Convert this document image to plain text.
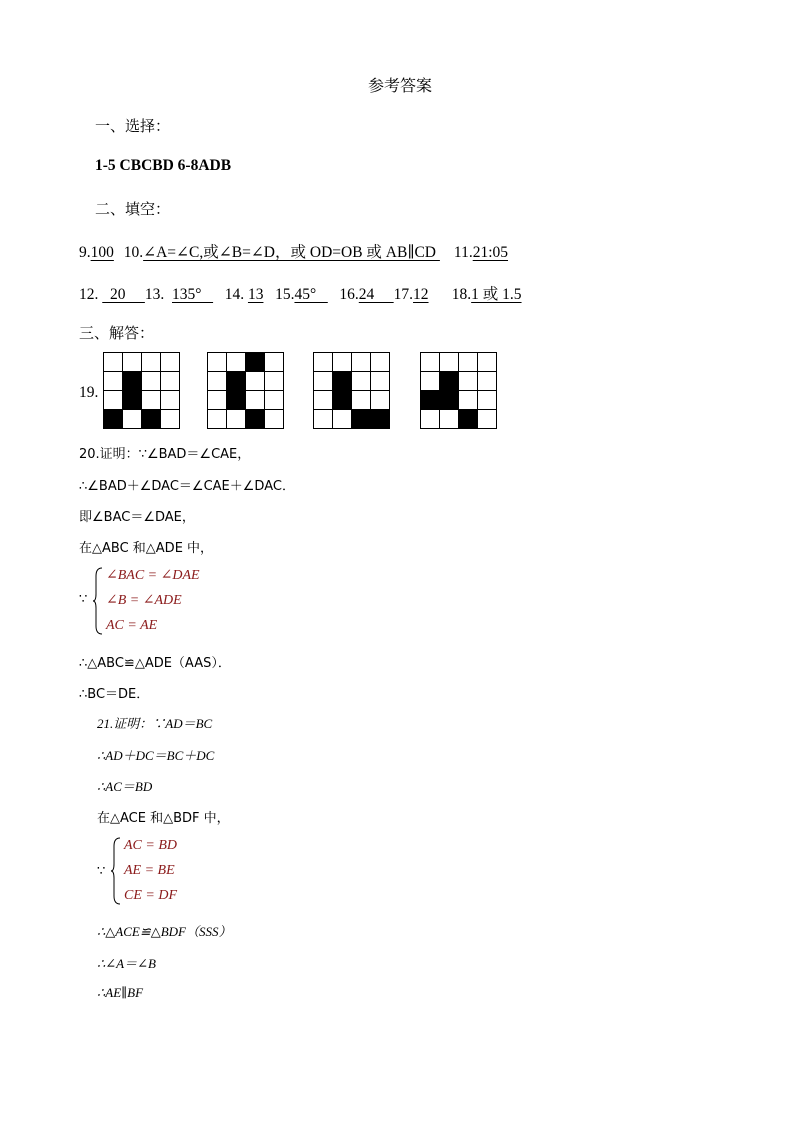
参考答案
一、选择：
1-5 CBCBD 6-8ADB
二、填空：
9.100 10.∠A=∠C,或∠B=∠D，或 OD=OB 或 AB∥CD 11.21:05
12.   20     13.  135°      14. 13 15.45°      16.24     17.12 18.1 或 1.5
三、解答：
19.
20.证明：∵∠BAD＝∠CAE，
∴∠BAD＋∠DAC＝∠CAE＋∠DAC．
即∠BAC＝∠DAE，
在△ABC 和△ADE 中，
∵
∠BAC = ∠DAE
∠B = ∠ADE
AC = AE
∴△ABC≌△ADE（AAS）．
∴BC＝DE．
21.证明：∵AD＝BC
∴AD＋DC＝BC＋DC
∴AC＝BD
在△ACE 和△BDF 中，
∵
AC = BD
AE = BE
CE = DF
∴△ACE≌△BDF（SSS）
∴∠A＝∠B
∴AE∥BF
